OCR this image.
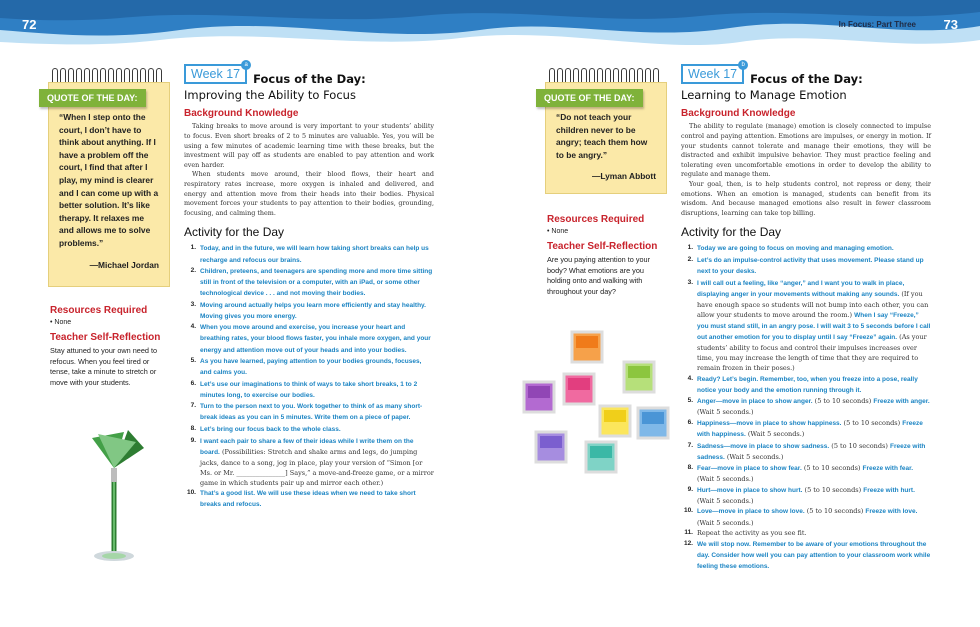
72	73
In Focus: Part Three
QUOTE OF THE DAY:
“When I step onto the court, I don’t have to think about anything. If I have a problem off the court, I find that after I play, my mind is clearer and I can come up with a better solution. It’s like therapy. It relaxes me and allows me to solve problems.”
—Michael Jordan
Resources Required
• None
Teacher Self-Reflection

Stay attuned to your own need to refocus. When you feel tired or tense, take a minute to stretch or move with your students.

Week 17
a
Focus of the Day:
Improving the Ability to Focus
Background Knowledge

Taking breaks to move around is very important to your students’ ability to focus. Even short breaks of 2 to 5 minutes are valuable. Yes, you will be using a few minutes of academic learning time with these breaks, but the investment will pay off as students are enabled to pay attention and work even harder.

When students move around, their blood flows, their heart and respiratory rates increase, more oxygen is inhaled and delivered, and energy and attention move from their heads into their bodies. Physical movement forces your students to pay attention to their bodies, grounding, focusing, and calming them.

Activity for the Day
1. Today, and in the future, we will learn how taking short breaks can help us recharge and refocus our brains.
2. Children, preteens, and teenagers are spending more and more time sitting still in front of the television or a computer, with an iPad, or some other technological device . . . and not moving their bodies.
3. Moving around actually helps you learn more efficiently and stay healthy. Moving gives you more energy.
4. When you move around and exercise, you increase your heart and breathing rates, your blood flows faster, you inhale more oxygen, and your energy and attention move out of your heads and into your bodies.
5. As you have learned, paying attention to your bodies grounds, focuses, and calms you.
6. Let’s use our imaginations to think of ways to take short breaks, 1 to 2 minutes long, to exercise our bodies.
7. Turn to the person next to you. Work together to think of as many short-break ideas as you can in 5 minutes. Write them on a piece of paper.
8. Let’s bring our focus back to the whole class.
9. I want each pair to share a few of their ideas while I write them on the board. (Possibilities: Stretch and shake arms and legs, do jumping jacks, dance to a song, jog in place, play your version of “Simon [or Ms. or Mr. _______________] Says,” a move-and-freeze game, or a mirror game in which students pair up and mirror each other.)
10. That’s a good list. We will use these ideas when we need to take short breaks and refocus.
QUOTE OF THE DAY:
“Do not teach your children never to be angry; teach them how to be angry.”
—Lyman Abbott
Resources Required
• None
Teacher Self-Reflection

Are you paying attention to your body? What emotions are you holding onto and walking with throughout your day?

Week 17
b
Focus of the Day:
Learning to Manage Emotion
Background Knowledge

The ability to regulate (manage) emotion is closely connected to impulse control and paying attention. Emotions are impulses, or energy in motion. If your students cannot tolerate and manage their emotions, they will be distracted and exhibit impulsive behavior. They must practice feeling and tolerating even uncomfortable emotions in order to develop the ability to regulate and manage them.

Your goal, then, is to help students control, not repress or deny, their emotions. When an emotion is managed, students can benefit from its wisdom. And because managed emotions also result in fewer classroom disruptions, learning can take top billing.

Activity for the Day
1. Today we are going to focus on moving and managing emotion.
2. Let’s do an impulse-control activity that uses movement. Please stand up next to your desks.
3. I will call out a feeling, like “anger,” and I want you to walk in place, displaying anger in your movements without making any sounds. (If you have enough space so students will not bump into each other, you can allow your students to move around the room.) When I say “Freeze,” you must stand still, in an angry pose. I will wait 3 to 5 seconds before I call out another emotion for you to display until I say “Freeze” again. (As your students’ ability to focus and control their impulses increases over time, you may increase the length of time that they are required to remain frozen in their poses.)
4. Ready? Let’s begin. Remember, too, when you freeze into a pose, really notice your body and the emotion running through it.
5. Anger—move in place to show anger. (5 to 10 seconds) Freeze with anger. (Wait 5 seconds.)
6. Happiness—move in place to show happiness. (5 to 10 seconds) Freeze with happiness. (Wait 5 seconds.)
7. Sadness—move in place to show sadness. (5 to 10 seconds) Freeze with sadness. (Wait 5 seconds.)
8. Fear—move in place to show fear. (5 to 10 seconds) Freeze with fear. (Wait 5 seconds.)
9. Hurt—move in place to show hurt. (5 to 10 seconds) Freeze with hurt. (Wait 5 seconds.)
10. Love—move in place to show love. (5 to 10 seconds) Freeze with love. (Wait 5 seconds.)
11. Repeat the activity as you see fit.
12. We will stop now. Remember to be aware of your emotions throughout the day. Consider how well you can pay attention to your classroom work while feeling these emotions.
